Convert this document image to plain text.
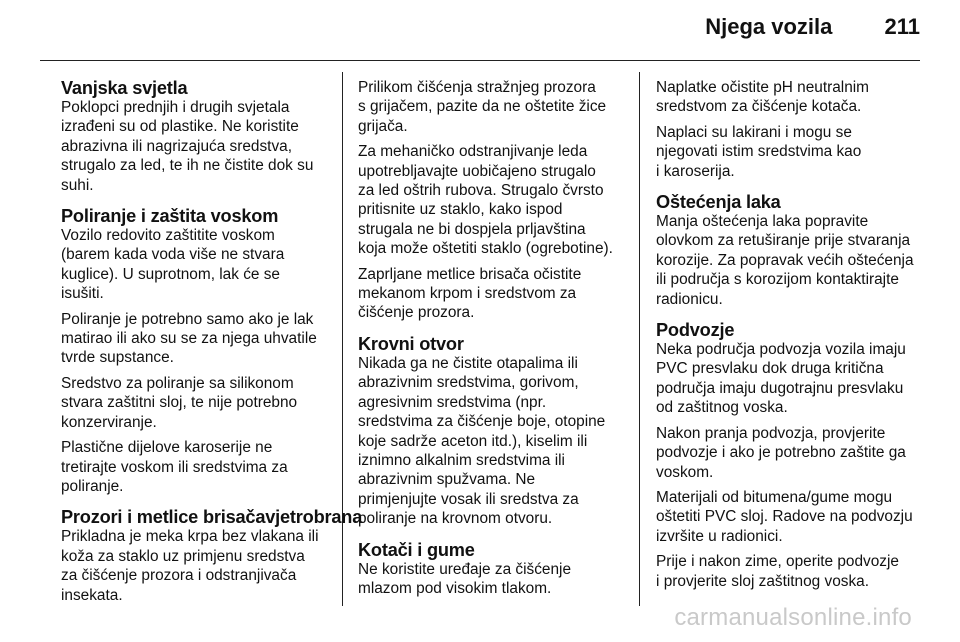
Njega vozila 211
Vanjska svjetla

Poklopci prednjih i drugih svjetala
izrađeni su od plastike. Ne koristite
abrazivna ili nagrizajuća sredstva,
strugalo za led, te ih ne čistite dok su
suhi.

Poliranje i zaštita voskom

Vozilo redovito zaštitite voskom
(barem kada voda više ne stvara
kuglice). U suprotnom, lak će se
isušiti.

Poliranje je potrebno samo ako je lak
matirao ili ako su se za njega uhvatile
tvrde supstance.

Sredstvo za poliranje sa silikonom
stvara zaštitni sloj, te nije potrebno
konzerviranje.

Plastične dijelove karoserije ne
tretirajte voskom ili sredstvima za
poliranje.

Prozori i metlice brisačavjetrobrana

Prikladna je meka krpa bez vlakana ili
koža za staklo uz primjenu sredstva
za čišćenje prozora i odstranjivača
insekata.

Prilikom čišćenja stražnjeg prozora
s grijačem, pazite da ne oštetite žice
grijača.

Za mehaničko odstranjivanje leda
upotrebljavajte uobičajeno strugalo
za led oštrih rubova. Strugalo čvrsto
pritisnite uz staklo, kako ispod
strugala ne bi dospjela prljavština
koja može oštetiti staklo (ogrebotine).

Zaprljane metlice brisača očistite
mekanom krpom i sredstvom za
čišćenje prozora.

Krovni otvor

Nikada ga ne čistite otapalima ili
abrazivnim sredstvima, gorivom,
agresivnim sredstvima (npr.
sredstvima za čišćenje boje, otopine
koje sadrže aceton itd.), kiselim ili
iznimno alkalnim sredstvima ili
abrazivnim spužvama. Ne
primjenjujte vosak ili sredstva za
poliranje na krovnom otvoru.

Kotači i gume

Ne koristite uređaje za čišćenje
mlazom pod visokim tlakom.

Naplatke očistite pH neutralnim
sredstvom za čišćenje kotača.

Naplaci su lakirani i mogu se
njegovati istim sredstvima kao
i karoserija.

Oštećenja laka

Manja oštećenja laka popravite
olovkom za retuširanje prije stvaranja
korozije. Za popravak većih oštećenja
ili područja s korozijom kontaktirajte
radionicu.

Podvozje

Neka područja podvozja vozila imaju
PVC presvlaku dok druga kritična
područja imaju dugotrajnu presvlaku
od zaštitnog voska.

Nakon pranja podvozja, provjerite
podvozje i ako je potrebno zaštite ga
voskom.

Materijali od bitumena/gume mogu
oštetiti PVC sloj. Radove na podvozju
izvršite u radionici.

Prije i nakon zime, operite podvozje
i provjerite sloj zaštitnog voska.

carmanualsonline.info
